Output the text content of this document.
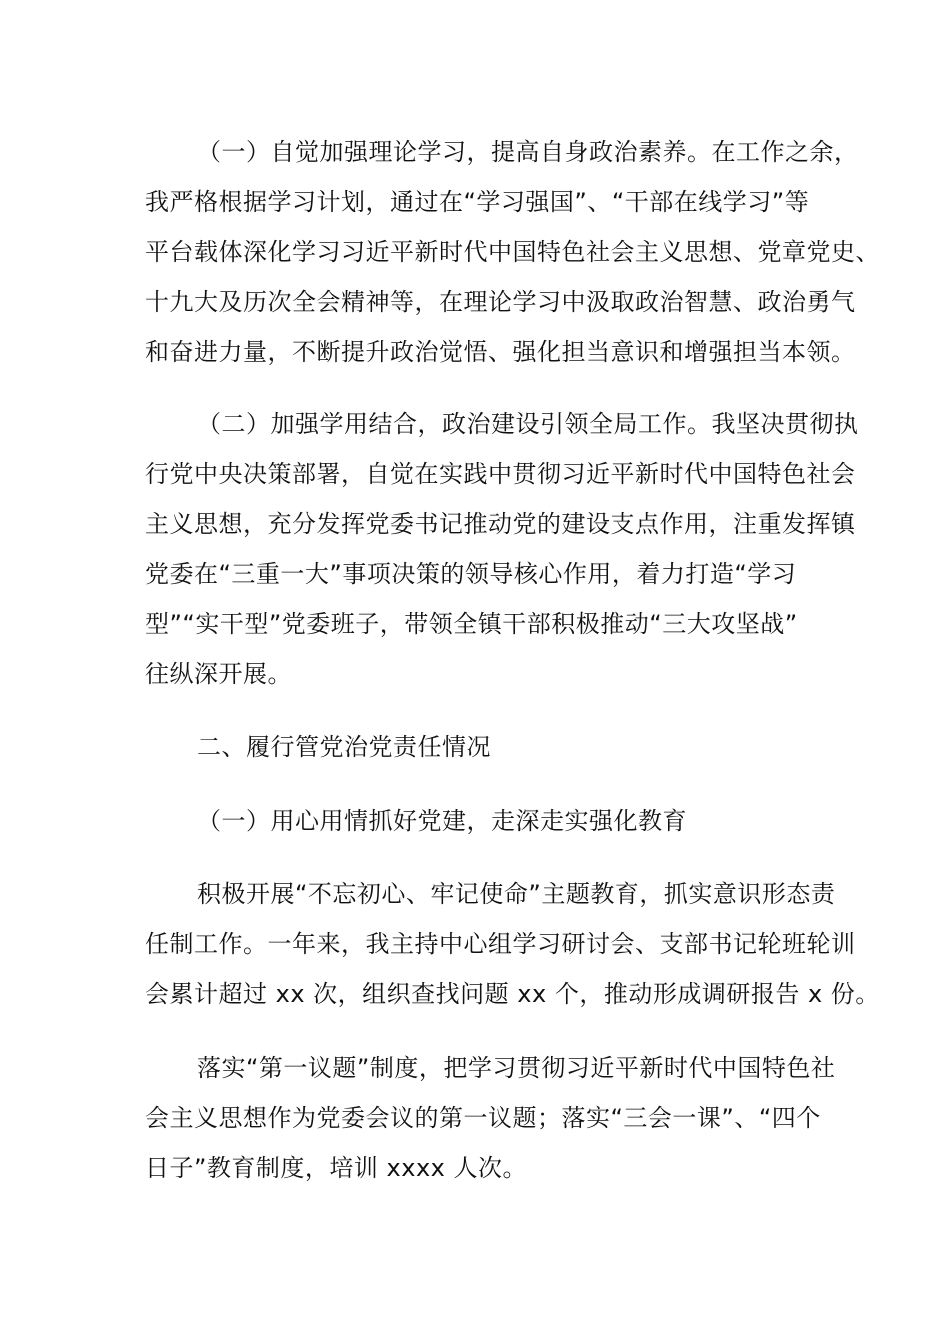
（一）自觉加强理论学习，提高自身政治素养。在工作之余，
我严格根据学习计划，通过在“学习强国”、“干部在线学习”等
平台载体深化学习习近平新时代中国特色社会主义思想、党章党史、
十九大及历次全会精神等，在理论学习中汲取政治智慧、政治勇气
和奋进力量，不断提升政治觉悟、强化担当意识和增强担当本领。
（二）加强学用结合，政治建设引领全局工作。我坚决贯彻执
行党中央决策部署，自觉在实践中贯彻习近平新时代中国特色社会
主义思想，充分发挥党委书记推动党的建设支点作用，注重发挥镇
党委在“三重一大”事项决策的领导核心作用，着力打造“学习
型”“实干型”党委班子，带领全镇干部积极推动“三大攻坚战”
往纵深开展。

二、履行管党治党责任情况

（一）用心用情抓好党建，走深走实强化教育

积极开展“不忘初心、牢记使命”主题教育，抓实意识形态责
任制工作。一年来，我主持中心组学习研讨会、支部书记轮班轮训
会累计超过 xx 次，组织查找问题 xx 个，推动形成调研报告 x 份。
落实“第一议题”制度，把学习贯彻习近平新时代中国特色社
会主义思想作为党委会议的第一议题；落实“三会一课”、“四个
日子”教育制度，培训 xxxx 人次。
